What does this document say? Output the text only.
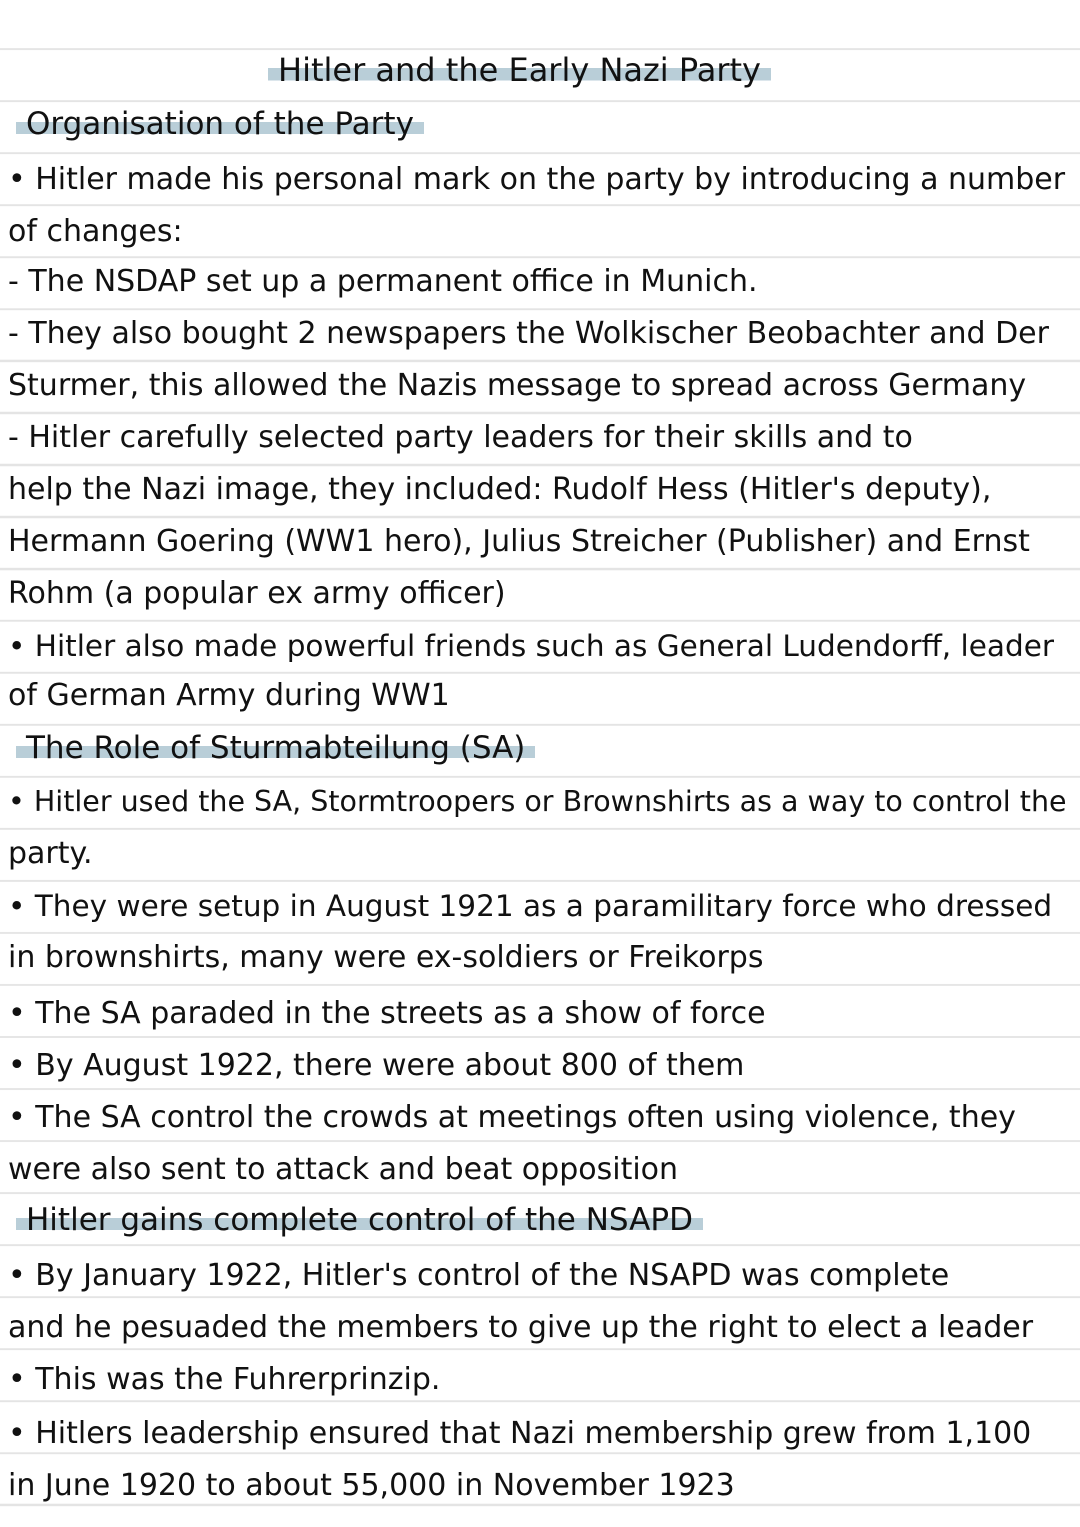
Hitler and the Early Nazi Party
Organisation of the Party
• Hitler made his personal mark on the party by introducing a number
of changes:
- The NSDAP set up a permanent office in Munich.
- They also bought 2 newspapers the Wolkischer Beobachter and Der
Sturmer, this allowed the Nazis message to spread across Germany
- Hitler carefully selected party leaders for their skills and to
help the Nazi image, they included: Rudolf Hess (Hitler's deputy),
Hermann Goering (WW1 hero), Julius Streicher (Publisher) and Ernst
Rohm (a popular ex army officer)
• Hitler also made powerful friends such as General Ludendorff, leader
of German Army during WW1
The Role of Sturmabteilung (SA)
• Hitler used the SA, Stormtroopers or Brownshirts as a way to control the
party.
• They were setup in August 1921 as a paramilitary force who dressed
in brownshirts, many were ex-soldiers or Freikorps
• The SA paraded in the streets as a show of force
• By August 1922, there were about 800 of them
• The SA control the crowds at meetings often using violence, they
were also sent to attack and beat opposition
Hitler gains complete control of the NSAPD
• By January 1922, Hitler's control of the NSAPD was complete
and he pesuaded the members to give up the right to elect a leader
• This was the Fuhrerprinzip.
• Hitlers leadership ensured that Nazi membership grew from 1,100
in June 1920 to about 55,000 in November 1923
